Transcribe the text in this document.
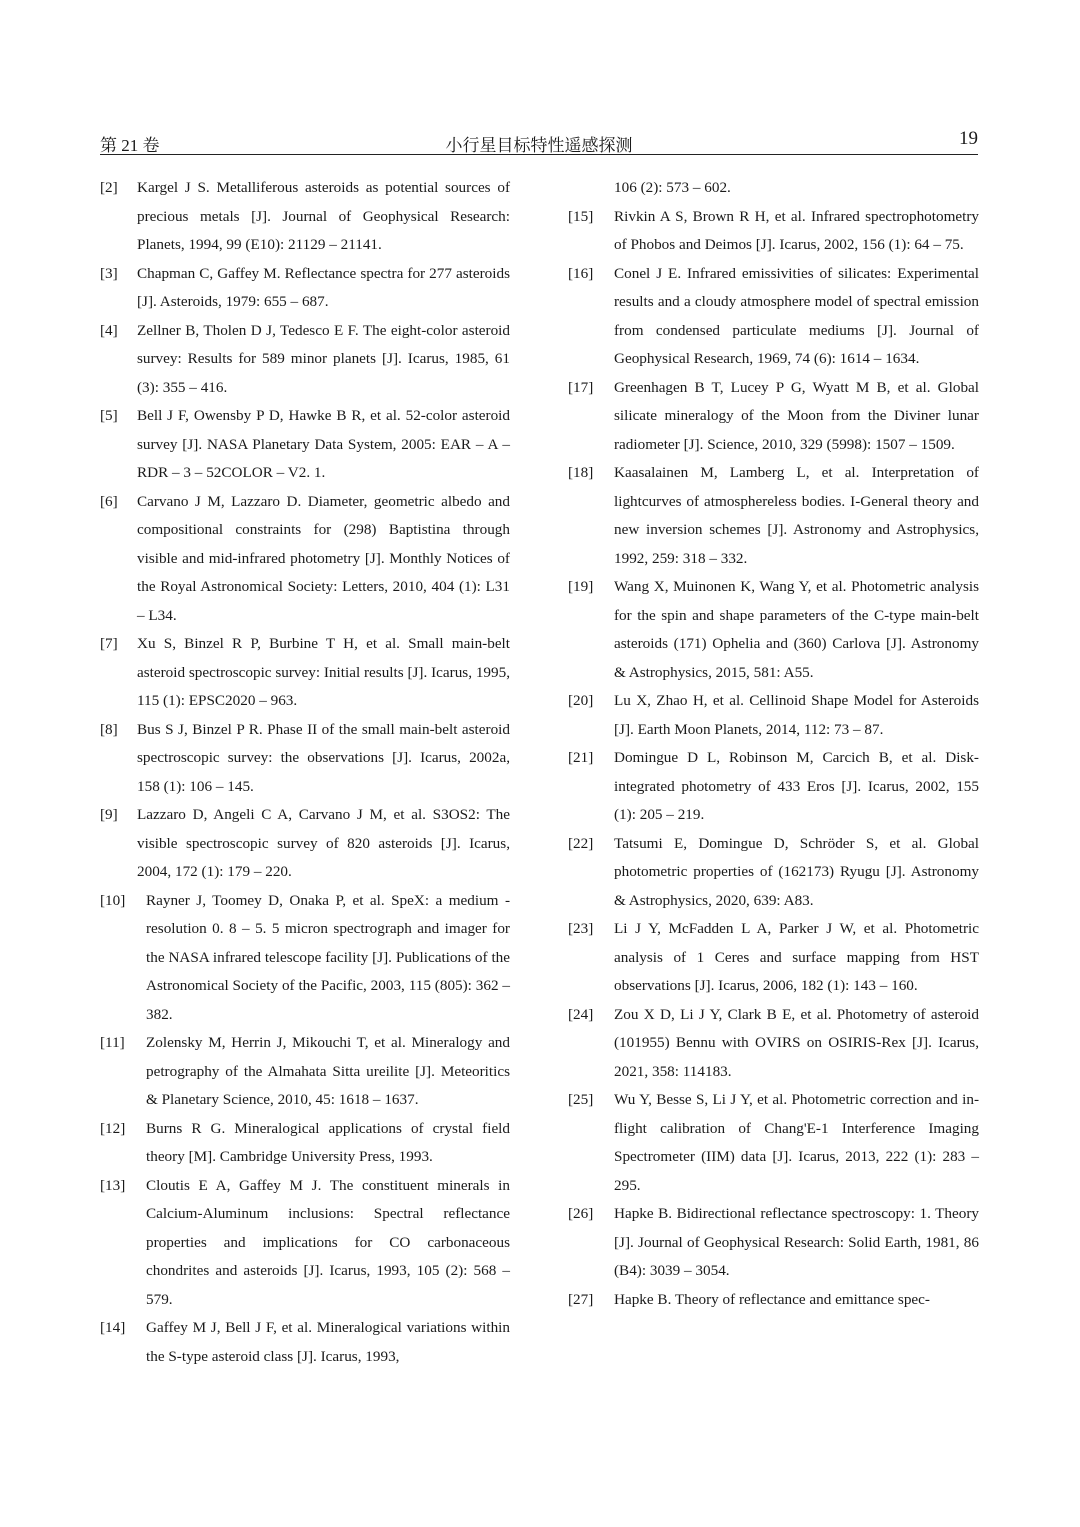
第 21 卷	小行星目标特性遥感探测	19
[2] Kargel J S. Metalliferous asteroids as potential sources of precious metals [J]. Journal of Geophysical Research: Planets, 1994, 99 (E10): 21129 – 21141.
[3] Chapman C, Gaffey M. Reflectance spectra for 277 asteroids [J]. Asteroids, 1979: 655 – 687.
[4] Zellner B, Tholen D J, Tedesco E F. The eight-color asteroid survey: Results for 589 minor planets [J]. Icarus, 1985, 61 (3): 355 – 416.
[5] Bell J F, Owensby P D, Hawke B R, et al. 52-color asteroid survey [J]. NASA Planetary Data System, 2005: EAR – A – RDR – 3 – 52COLOR – V2. 1.
[6] Carvano J M, Lazzaro D. Diameter, geometric albedo and compositional constraints for (298) Baptistina through visible and mid-infrared photometry [J]. Monthly Notices of the Royal Astronomical Society: Letters, 2010, 404 (1): L31 – L34.
[7] Xu S, Binzel R P, Burbine T H, et al. Small main-belt asteroid spectroscopic survey: Initial results [J]. Icarus, 1995, 115 (1): EPSC2020 – 963.
[8] Bus S J, Binzel P R. Phase II of the small main-belt asteroid spectroscopic survey: the observations [J]. Icarus, 2002a, 158 (1): 106 – 145.
[9] Lazzaro D, Angeli C A, Carvano J M, et al. S3OS2: The visible spectroscopic survey of 820 asteroids [J]. Icarus, 2004, 172 (1): 179 – 220.
[10] Rayner J, Toomey D, Onaka P, et al. SpeX: a medium - resolution 0. 8 – 5. 5 micron spectrograph and imager for the NASA infrared telescope facility [J]. Publications of the Astronomical Society of the Pacific, 2003, 115 (805): 362 – 382.
[11] Zolensky M, Herrin J, Mikouchi T, et al. Mineralogy and petrography of the Almahata Sitta ureilite [J]. Meteoritics & Planetary Science, 2010, 45: 1618 – 1637.
[12] Burns R G. Mineralogical applications of crystal field theory [M]. Cambridge University Press, 1993.
[13] Cloutis E A, Gaffey M J. The constituent minerals in Calcium-Aluminum inclusions: Spectral reflectance properties and implications for CO carbonaceous chondrites and asteroids [J]. Icarus, 1993, 105 (2): 568 – 579.
[14] Gaffey M J, Bell J F, et al. Mineralogical variations within the S-type asteroid class [J]. Icarus, 1993,
106 (2): 573 – 602.
[15] Rivkin A S, Brown R H, et al. Infrared spectrophotometry of Phobos and Deimos [J]. Icarus, 2002, 156 (1): 64 – 75.
[16] Conel J E. Infrared emissivities of silicates: Experimental results and a cloudy atmosphere model of spectral emission from condensed particulate mediums [J]. Journal of Geophysical Research, 1969, 74 (6): 1614 – 1634.
[17] Greenhagen B T, Lucey P G, Wyatt M B, et al. Global silicate mineralogy of the Moon from the Diviner lunar radiometer [J]. Science, 2010, 329 (5998): 1507 – 1509.
[18] Kaasalainen M, Lamberg L, et al. Interpretation of lightcurves of atmosphereless bodies. I-General theory and new inversion schemes [J]. Astronomy and Astrophysics, 1992, 259: 318 – 332.
[19] Wang X, Muinonen K, Wang Y, et al. Photometric analysis for the spin and shape parameters of the C-type main-belt asteroids (171) Ophelia and (360) Carlova [J]. Astronomy & Astrophysics, 2015, 581: A55.
[20] Lu X, Zhao H, et al. Cellinoid Shape Model for Asteroids [J]. Earth Moon Planets, 2014, 112: 73 – 87.
[21] Domingue D L, Robinson M, Carcich B, et al. Disk-integrated photometry of 433 Eros [J]. Icarus, 2002, 155 (1): 205 – 219.
[22] Tatsumi E, Domingue D, Schröder S, et al. Global photometric properties of (162173) Ryugu [J]. Astronomy & Astrophysics, 2020, 639: A83.
[23] Li J Y, McFadden L A, Parker J W, et al. Photometric analysis of 1 Ceres and surface mapping from HST observations [J]. Icarus, 2006, 182 (1): 143 – 160.
[24] Zou X D, Li J Y, Clark B E, et al. Photometry of asteroid (101955) Bennu with OVIRS on OSIRIS-Rex [J]. Icarus, 2021, 358: 114183.
[25] Wu Y, Besse S, Li J Y, et al. Photometric correction and in-flight calibration of Chang'E-1 Interference Imaging Spectrometer (IIM) data [J]. Icarus, 2013, 222 (1): 283 – 295.
[26] Hapke B. Bidirectional reflectance spectroscopy: 1. Theory [J]. Journal of Geophysical Research: Solid Earth, 1981, 86 (B4): 3039 – 3054.
[27] Hapke B. Theory of reflectance and emittance spec-
